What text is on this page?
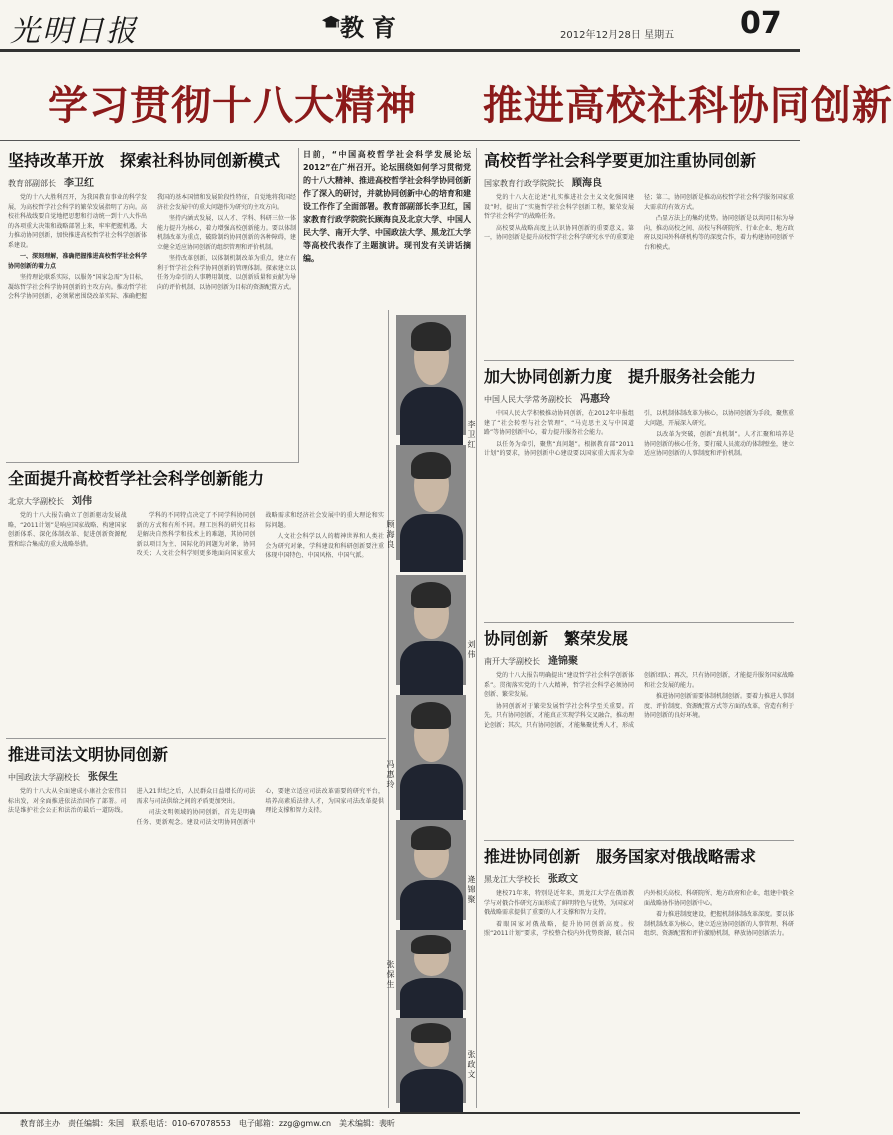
光明日报	教育	2012年12月28日 星期五 07
学习贯彻十八大精神 推进高校社科协同创新
日前，“中国高校哲学社会科学发展论坛2012”在广州召开。论坛围绕如何学习贯彻党的十八大精神、推进高校哲学社会科学协同创新作了深入的研讨，并就协同创新中心的培育和建设工作作了全面部署。教育部副部长李卫红，国家教育行政学院院长顾海良及北京大学、中国人民大学、南开大学、中国政法大学、黑龙江大学等高校代表作了主题演讲。现刊发有关讲话摘编。
坚持改革开放　探索社科协同创新模式
教育部副部长　 李卫红

党的十八大胜利召开，为我国教育事业的科学发展，为高校哲学社会科学的繁荣发展指明了方向。高校社科战线要自觉地把思想和行动统一到十八大作出的各项重大决策和战略部署上来，牢牢把握机遇，大力推动协同创新，加快推进高校哲学社会科学创新体系建设。

一、深刻理解，准确把握推进高校哲学社会科学协同创新的着力点

坚持理论联系实际，以服务“国家急需”为目标，凝练哲学社会科学协同创新的主攻方向。推动哲学社会科学协同创新，必须紧密围绕改革实际、准确把握我国的基本国情和发展阶段性特征，自觉地将我国经济社会发展中的重大问题作为研究的主攻方向。

坚持内涵式发展，以人才、学科、科研三位一体能力提升为核心，着力增强高校创新能力。要以体制机制改革为重点，破除制约协同创新的各种障碍，建立健全适应协同创新的组织管理和评价机制。

坚持改革创新，以体制机制改革为重点，建立有利于哲学社会科学协同创新的管理体制。探索建立以任务为牵引的人事聘用制度、以创新质量和贡献为导向的评价机制、以协同创新为目标的资源配置方式。

全面提升高校哲学社会科学创新能力
北京大学副校长　 刘伟

党的十八大报告确立了创新驱动发展战略，“2011计划”是响应国家战略、构建国家创新体系、深化体制改革、促进创新资源配置和综合集成的重大战略举措。

学科的不同特点决定了不同学科协同创新的方式和有所不同。理工医科的研究目标是解决自然科学和技术上的难题，其协同创新以项目为主、国际化的问题为对象，协同攻关；人文社会科学则更多地面向国家重大战略需求和经济社会发展中的重大理论和实际问题。

人文社会科学以人的精神世界和人类社会为研究对象，学科建设和科研创新要注重体现中国特色、中国风格、中国气派。

推进司法文明协同创新
中国政法大学副校长　 张保生

党的十八大从全面建成小康社会宏伟目标出发，对全面推进依法治国作了部署。司法是维护社会公正和法治的最后一道防线。进入21世纪之后，人民群众日益增长的司法需求与司法供给之间的矛盾更加突出。

司法文明领域的协同创新，首先是明确任务、更新观念。建设司法文明协同创新中心，要建立适应司法改革需要的研究平台，培养高素质法律人才，为国家司法改革提供理论支撑和智力支持。

李卫红
顾海良
刘伟
冯惠玲
逄锦聚
张保生
张政文
高校哲学社会科学要更加注重协同创新
国家教育行政学院院长　 顾海良

党的十八大在论述“扎实推进社会主义文化强国建设”时，提出了“实施哲学社会科学创新工程，繁荣发展哲学社会科学”的战略任务。

高校要从战略高度上认识协同创新的重要意义。第一，协同创新是提升高校哲学社会科学研究水平的重要途径；第二，协同创新是推动高校哲学社会科学服务国家重大需求的有效方式。

凸显方法上的集约优势。协同创新是以共同目标为导向，推动高校之间、高校与科研院所、行业企业、地方政府以及国外科研机构等的深度合作，着力构建协同创新平台和模式。

加大协同创新力度　提升服务社会能力
中国人民大学常务副校长　 冯惠玲

中国人民大学积极推动协同创新，在2012年申报组建了“社会转型与社会管理”、“马克思主义与中国道路”等协同创新中心，着力提升服务社会能力。

以任务为牵引，聚焦“真问题”。根据教育部“2011计划”的要求，协同创新中心建设要以国家重大需求为牵引，以机制体制改革为核心，以协同创新为手段，聚焦重大问题，开展深入研究。

以改革为突破，创新“真机制”。人才汇聚和培养是协同创新的核心任务，要打破人员流动的体制壁垒，建立适应协同创新的人事制度和评价机制。

协同创新　繁荣发展
南开大学副校长　 逄锦聚

党的十八大报告明确提出“建设哲学社会科学创新体系”。贯彻落实党的十八大精神，哲学社会科学必须协同创新、繁荣发展。

协同创新对于繁荣发展哲学社会科学至关重要。首先，只有协同创新，才能真正实现学科交叉融合，推动理论创新；其次，只有协同创新，才能集聚优秀人才，形成创新团队；再次，只有协同创新，才能提升服务国家战略和社会发展的能力。

推进协同创新需要体制机制创新。要着力推进人事制度、评价制度、资源配置方式等方面的改革，营造有利于协同创新的良好环境。

推进协同创新　服务国家对俄战略需求
黑龙江大学校长　 张政文

建校71年来，特别是近年来，黑龙江大学在俄语教学与对俄合作研究方面形成了鲜明特色与优势，为国家对俄战略需求提供了重要的人才支撑和智力支持。

着眼国家对俄战略，提升协同创新高度。按照“2011计划”要求，学校整合校内外优势资源，联合国内外相关高校、科研院所、地方政府和企业，组建中俄全面战略协作协同创新中心。

着力推进制度建设，把握机制体制改革深度。要以体制机制改革为核心，建立适应协同创新的人事管理、科研组织、资源配置和评价激励机制，释放协同创新活力。

教育部主办　责任编辑：朱国　联系电话：010-67078553　电子邮箱：zzg@gmw.cn　美术编辑：裴昕
